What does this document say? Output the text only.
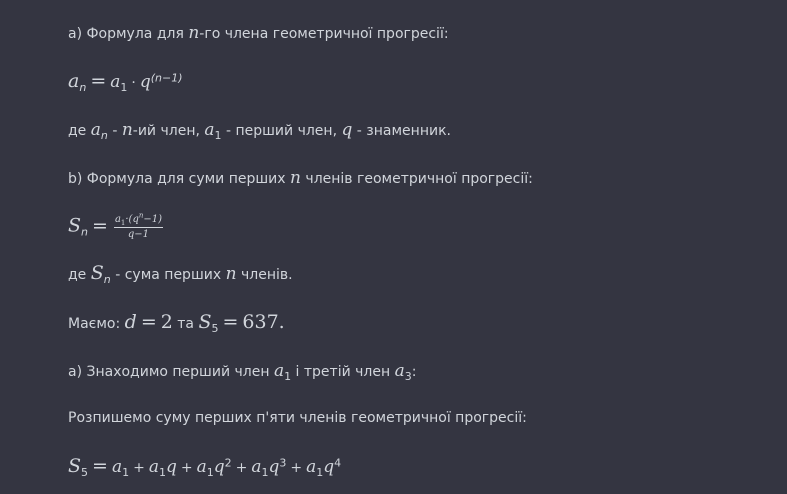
а) Формула для n-го члена геометричної прогресії:
$a_n = a_1 \cdot q^{(n-1)}$
де $a_n - n-ий$ член, $a_1$ - перший член, q - знаменник.
b) Формула для суми перших n членів геометричної прогресії:
$S_n = \frac{a_1\cdot(q^n-1)}{q-1}$
де $S_n$ - сума перших n членів.
Маємо: d = 2 та $S_5 = 637$.
а) Знаходимо перший член $a_1$ і третій член $a_3$:
Розпишемо суму перших п'яти членів геометричної прогресії:
$S_5 = a_1 + a_1q + a_1q^2 + a_1q^3 + a_1q^4$
